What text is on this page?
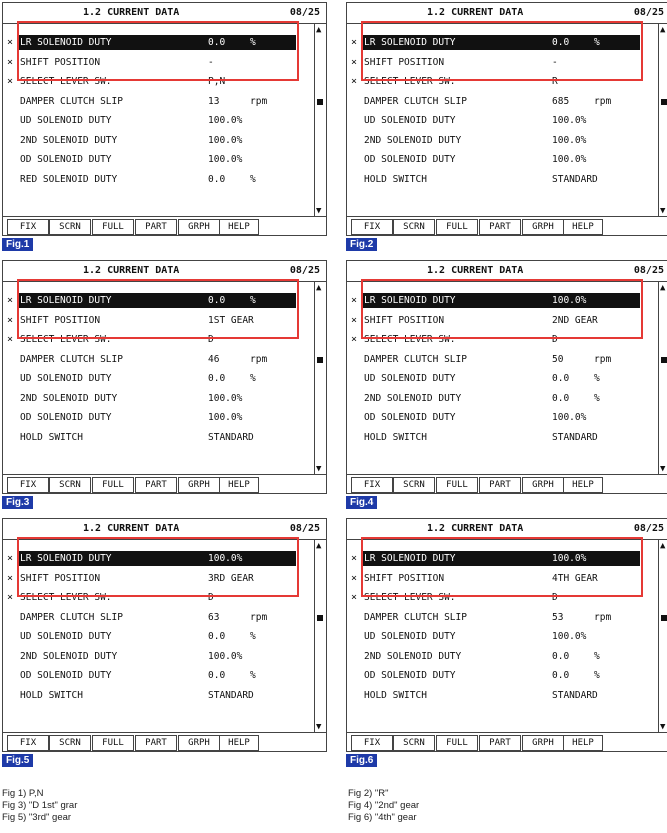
1.2 CURRENT DATA	08/25
▲
▼
× LR SOLENOID DUTY	0.0	%
× SHIFT POSITION	-
× SELECT LEVER SW.	P,N
DAMPER CLUTCH SLIP	13	rpm
UD SOLENOID DUTY	100.0%
2ND SOLENOID DUTY	100.0%
OD SOLENOID DUTY	100.0%
RED SOLENOID DUTY	0.0	%
FIX	SCRN	FULL	PART	GRPH	HELP
Fig.1
1.2 CURRENT DATA	08/25
▲
▼
× LR SOLENOID DUTY	0.0	%
× SHIFT POSITION	-
× SELECT LEVER SW.	R
DAMPER CLUTCH SLIP	685	rpm
UD SOLENOID DUTY	100.0%
2ND SOLENOID DUTY	100.0%
OD SOLENOID DUTY	100.0%
HOLD SWITCH	STANDARD
FIX	SCRN	FULL	PART	GRPH	HELP
Fig.2
1.2 CURRENT DATA	08/25
▲
▼
× LR SOLENOID DUTY	0.0	%
× SHIFT POSITION	1ST GEAR
× SELECT LEVER SW.	D
DAMPER CLUTCH SLIP	46	rpm
UD SOLENOID DUTY	0.0	%
2ND SOLENOID DUTY	100.0%
OD SOLENOID DUTY	100.0%
HOLD SWITCH	STANDARD
FIX	SCRN	FULL	PART	GRPH	HELP
Fig.3
1.2 CURRENT DATA	08/25
▲
▼
× LR SOLENOID DUTY	100.0%
× SHIFT POSITION	2ND GEAR
× SELECT LEVER SW.	D
DAMPER CLUTCH SLIP	50	rpm
UD SOLENOID DUTY	0.0	%
2ND SOLENOID DUTY	0.0	%
OD SOLENOID DUTY	100.0%
HOLD SWITCH	STANDARD
FIX	SCRN	FULL	PART	GRPH	HELP
Fig.4
1.2 CURRENT DATA	08/25
▲
▼
× LR SOLENOID DUTY	100.0%
× SHIFT POSITION	3RD GEAR
× SELECT LEVER SW.	D
DAMPER CLUTCH SLIP	63	rpm
UD SOLENOID DUTY	0.0	%
2ND SOLENOID DUTY	100.0%
OD SOLENOID DUTY	0.0	%
HOLD SWITCH	STANDARD
FIX	SCRN	FULL	PART	GRPH	HELP
Fig.5
1.2 CURRENT DATA	08/25
▲
▼
× LR SOLENOID DUTY	100.0%
× SHIFT POSITION	4TH GEAR
× SELECT LEVER SW.	D
DAMPER CLUTCH SLIP	53	rpm
UD SOLENOID DUTY	100.0%
2ND SOLENOID DUTY	0.0	%
OD SOLENOID DUTY	0.0	%
HOLD SWITCH	STANDARD
FIX	SCRN	FULL	PART	GRPH	HELP
Fig.6
Fig 1) P,N
Fig 3) "D 1st" grar
Fig 5) "3rd" gear
Fig 2) "R"
Fig 4) "2nd" gear
Fig 6) "4th" gear
